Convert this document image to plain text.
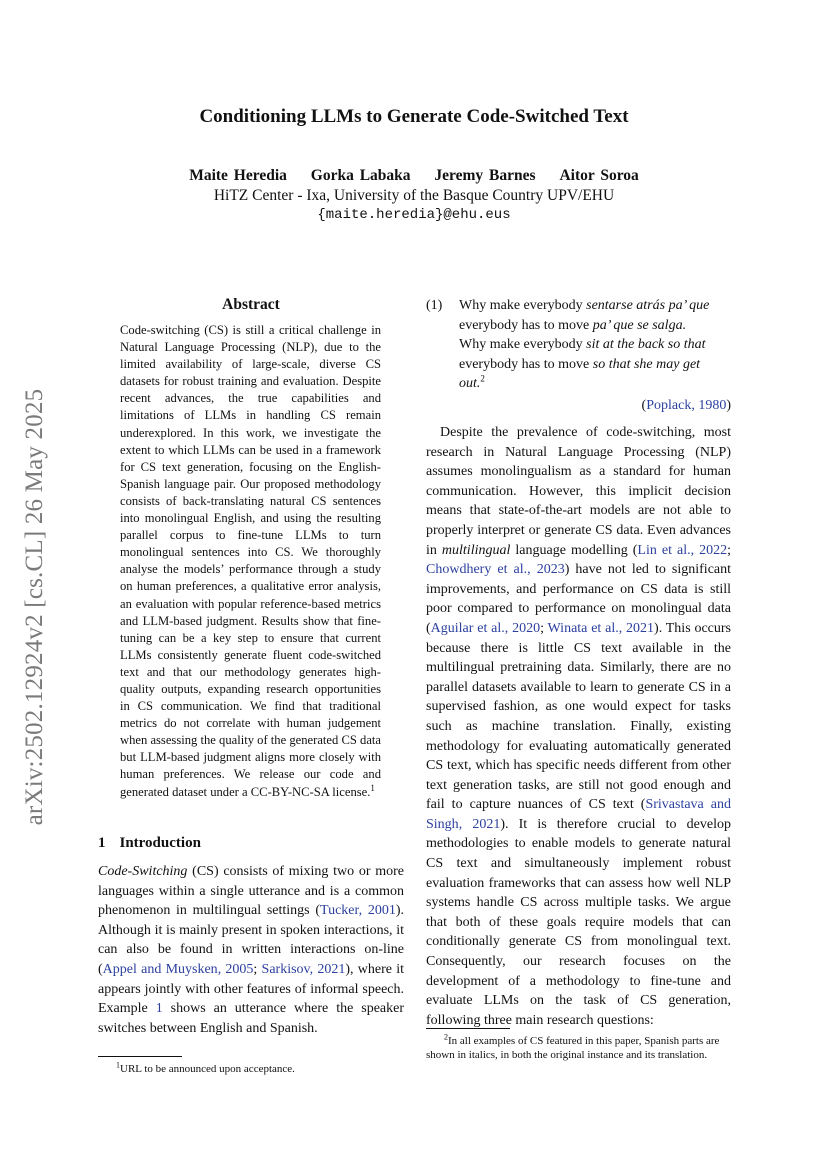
arXiv:2502.12924v2 [cs.CL] 26 May 2025
Conditioning LLMs to Generate Code-Switched Text
Maite Heredia Gorka Labaka Jeremy Barnes Aitor Soroa
HiTZ Center - Ixa, University of the Basque Country UPV/EHU
{maite.heredia}@ehu.eus
Abstract
Code-switching (CS) is still a critical challenge in Natural Language Processing (NLP), due to the limited availability of large-scale, diverse CS datasets for robust training and evaluation. Despite recent advances, the true capabilities and limitations of LLMs in handling CS remain underexplored. In this work, we investigate the extent to which LLMs can be used in a framework for CS text generation, focusing on the English-Spanish language pair. Our proposed methodology consists of back-translating natural CS sentences into monolingual English, and using the resulting parallel corpus to fine-tune LLMs to turn monolingual sentences into CS. We thoroughly analyse the models’ performance through a study on human preferences, a qualitative error analysis, an evaluation with popular reference-based metrics and LLM-based judgment. Results show that fine-tuning can be a key step to ensure that current LLMs consistently generate fluent code-switched text and that our methodology generates high-quality outputs, expanding research opportunities in CS communication. We find that traditional metrics do not correlate with human judgement when assessing the quality of the generated CS data but LLM-based judgment aligns more closely with human preferences. We release our code and generated dataset under a CC-BY-NC-SA license.$^1$
1 Introduction
Code-Switching (CS) consists of mixing two or more languages within a single utterance and is a common phenomenon in multilingual settings (Tucker, 2001). Although it is mainly present in spoken interactions, it can also be found in written interactions on-line (Appel and Muysken, 2005; Sarkisov, 2021), where it appears jointly with other features of informal speech. Example 1 shows an utterance where the speaker switches between English and Spanish.
$^1$URL to be announced upon acceptance.
(1) Why make everybody sentarse atrás pa’ que
everybody has to move pa’ que se salga.
Why make everybody sit at the back so that
everybody has to move so that she may get
out.$^2$
(Poplack, 1980)
Despite the prevalence of code-switching, most research in Natural Language Processing (NLP) assumes monolingualism as a standard for human communication. However, this implicit decision means that state-of-the-art models are not able to properly interpret or generate CS data. Even advances in multilingual language modelling (Lin et al., 2022; Chowdhery et al., 2023) have not led to significant improvements, and performance on CS data is still poor compared to performance on monolingual data (Aguilar et al., 2020; Winata et al., 2021). This occurs because there is little CS text available in the multilingual pretraining data. Similarly, there are no parallel datasets available to learn to generate CS in a supervised fashion, as one would expect for tasks such as machine translation. Finally, existing methodology for evaluating automatically generated CS text, which has specific needs different from other text generation tasks, are still not good enough and fail to capture nuances of CS text (Srivastava and Singh, 2021). It is therefore crucial to develop methodologies to enable models to generate natural CS text and simultaneously implement robust evaluation frameworks that can assess how well NLP systems handle CS across multiple tasks. We argue that both of these goals require models that can conditionally generate CS from monolingual text. Consequently, our research focuses on the development of a methodology to fine-tune and evaluate LLMs on the task of CS generation, following three main research questions:
$^2$In all examples of CS featured in this paper, Spanish parts are shown in italics, in both the original instance and its translation.
